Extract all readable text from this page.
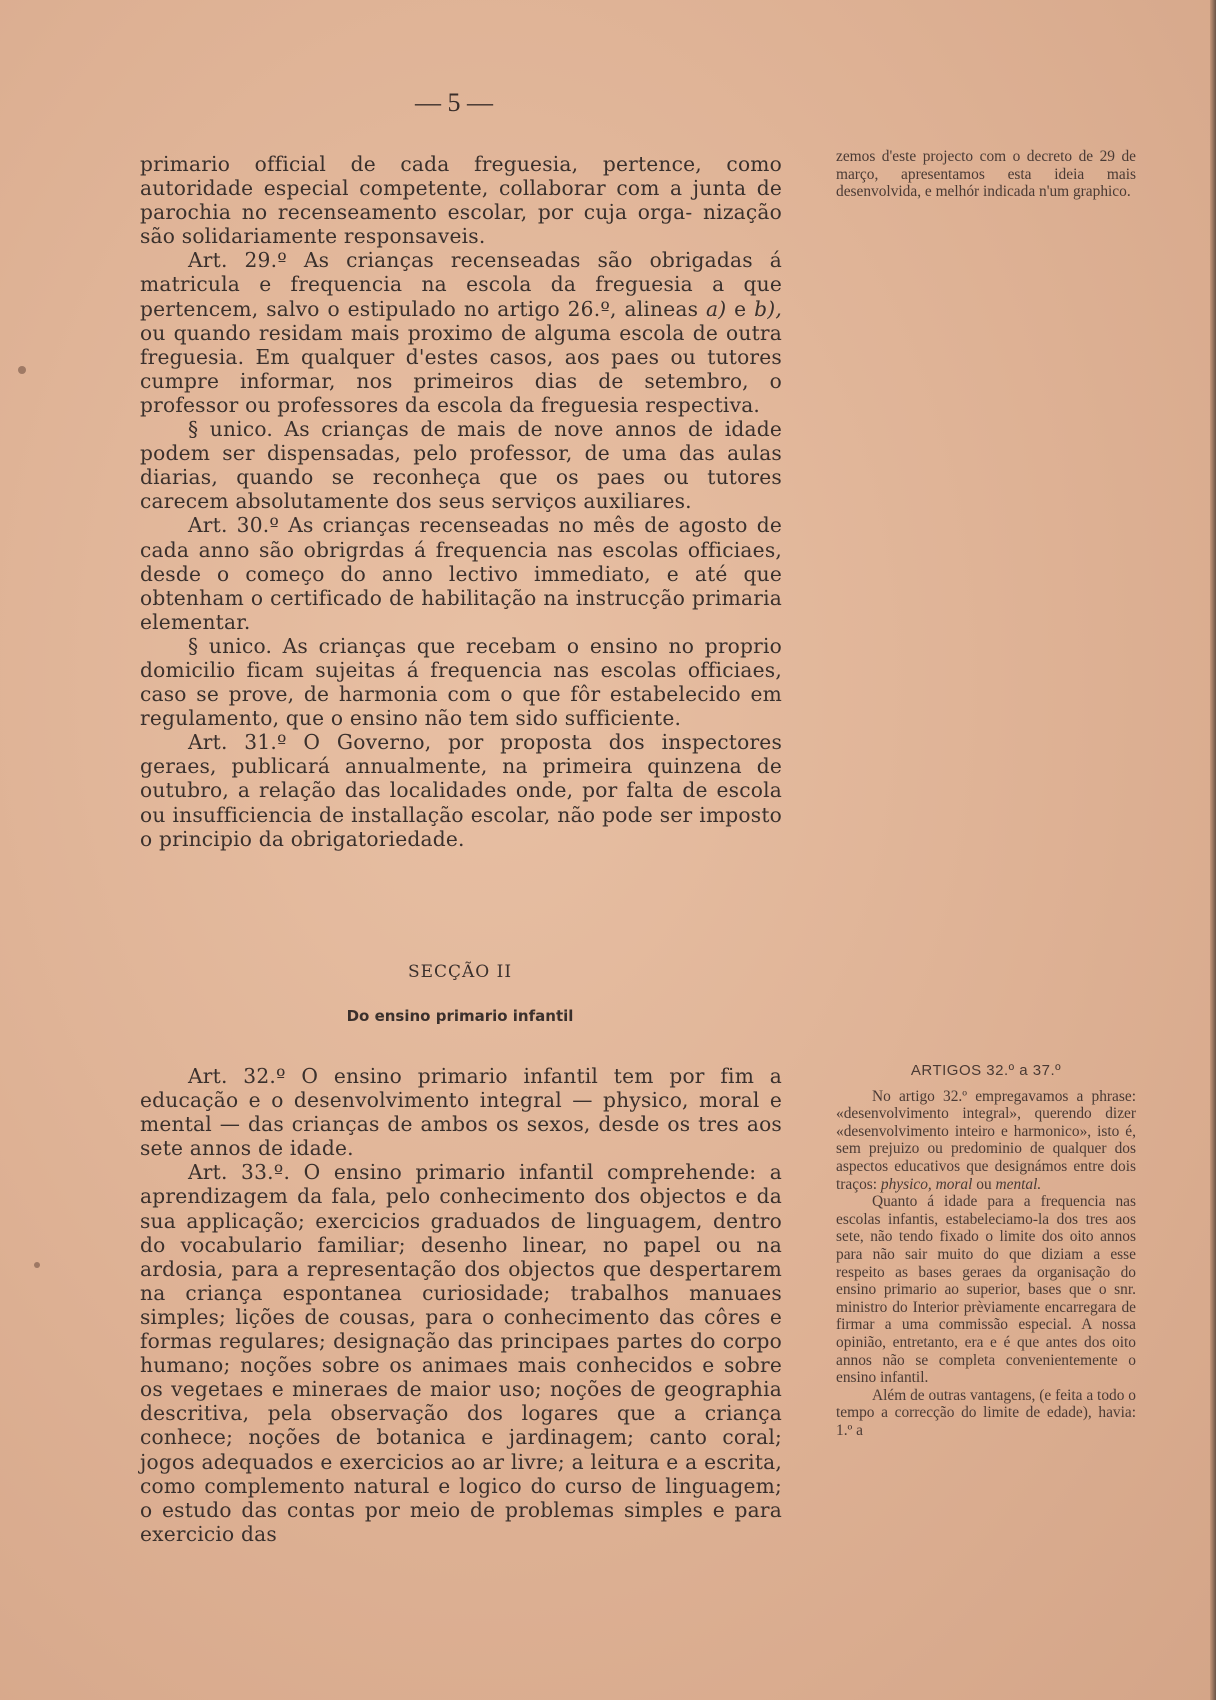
— 5 —

primario official de cada freguesia, pertence, como autoridade especial competente, collaborar com a junta de parochia no recenseamento escolar, por cuja orga- nização são solidariamente responsaveis.

Art. 29.º As crianças recenseadas são obrigadas á matricula e frequencia na escola da freguesia a que pertencem, salvo o estipulado no artigo 26.º, alineas a) e b), ou quando residam mais proximo de alguma escola de outra freguesia. Em qualquer d'estes casos, aos paes ou tutores cumpre informar, nos primeiros dias de setembro, o professor ou professores da escola da freguesia respectiva.

§ unico. As crianças de mais de nove annos de idade podem ser dispensadas, pelo professor, de uma das aulas diarias, quando se reconheça que os paes ou tutores carecem absolutamente dos seus serviços auxiliares.

Art. 30.º As crianças recenseadas no mês de agosto de cada anno são obrigrdas á frequencia nas escolas officiaes, desde o começo do anno lectivo immediato, e até que obtenham o certificado de habilitação na instrucção primaria elementar.

§ unico. As crianças que recebam o ensino no proprio domicilio ficam sujeitas á frequencia nas escolas officiaes, caso se prove, de harmonia com o que fôr estabelecido em regulamento, que o ensino não tem sido sufficiente.

Art. 31.º O Governo, por proposta dos inspectores geraes, publicará annualmente, na primeira quinzena de outubro, a relação das localidades onde, por falta de escola ou insufficiencia de installação escolar, não pode ser imposto o principio da obrigatoriedade.

SECÇÃO II
Do ensino primario infantil

Art. 32.º O ensino primario infantil tem por fim a educação e o desenvolvimento integral — physico, moral e mental — das crianças de ambos os sexos, desde os tres aos sete annos de idade.

Art. 33.º. O ensino primario infantil comprehende: a aprendizagem da fala, pelo conhecimento dos objectos e da sua applicação; exercicios graduados de linguagem, dentro do vocabulario familiar; desenho linear, no papel ou na ardosia, para a representação dos objectos que despertarem na criança espontanea curiosidade; trabalhos manuaes simples; lições de cousas, para o conhecimento das côres e formas regulares; designação das principaes partes do corpo humano; noções sobre os animaes mais conhecidos e sobre os vegetaes e mineraes de maior uso; noções de geographia descritiva, pela observação dos logares que a criança conhece; noções de botanica e jardinagem; canto coral; jogos adequados e exercicios ao ar livre; a leitura e a escrita, como complemento natural e logico do curso de linguagem; o estudo das contas por meio de problemas simples e para exercicio das

zemos d'este projecto com o decreto de 29 de março, apresentamos esta ideia mais desenvolvida, e melhór indicada n'um graphico.

ARTIGOS 32.º a 37.º

No artigo 32.º empregavamos a phrase: «desenvolvimento integral», querendo dizer «desenvolvimento inteiro e harmonico», isto é, sem prejuizo ou predominio de qualquer dos aspectos educativos que designámos entre dois traços: physico, moral ou mental.

Quanto á idade para a frequencia nas escolas infantis, estabeleciamo-la dos tres aos sete, não tendo fixado o limite dos oito annos para não sair muito do que diziam a esse respeito as bases geraes da organisação do ensino primario ao superior, bases que o snr. ministro do Interior prèviamente encarregara de firmar a uma commissão especial. A nossa opinião, entretanto, era e é que antes dos oito annos não se completa convenientemente o ensino infantil.

Além de outras vantagens, (e feita a todo o tempo a correcção do limite de edade), havia: 1.º a
